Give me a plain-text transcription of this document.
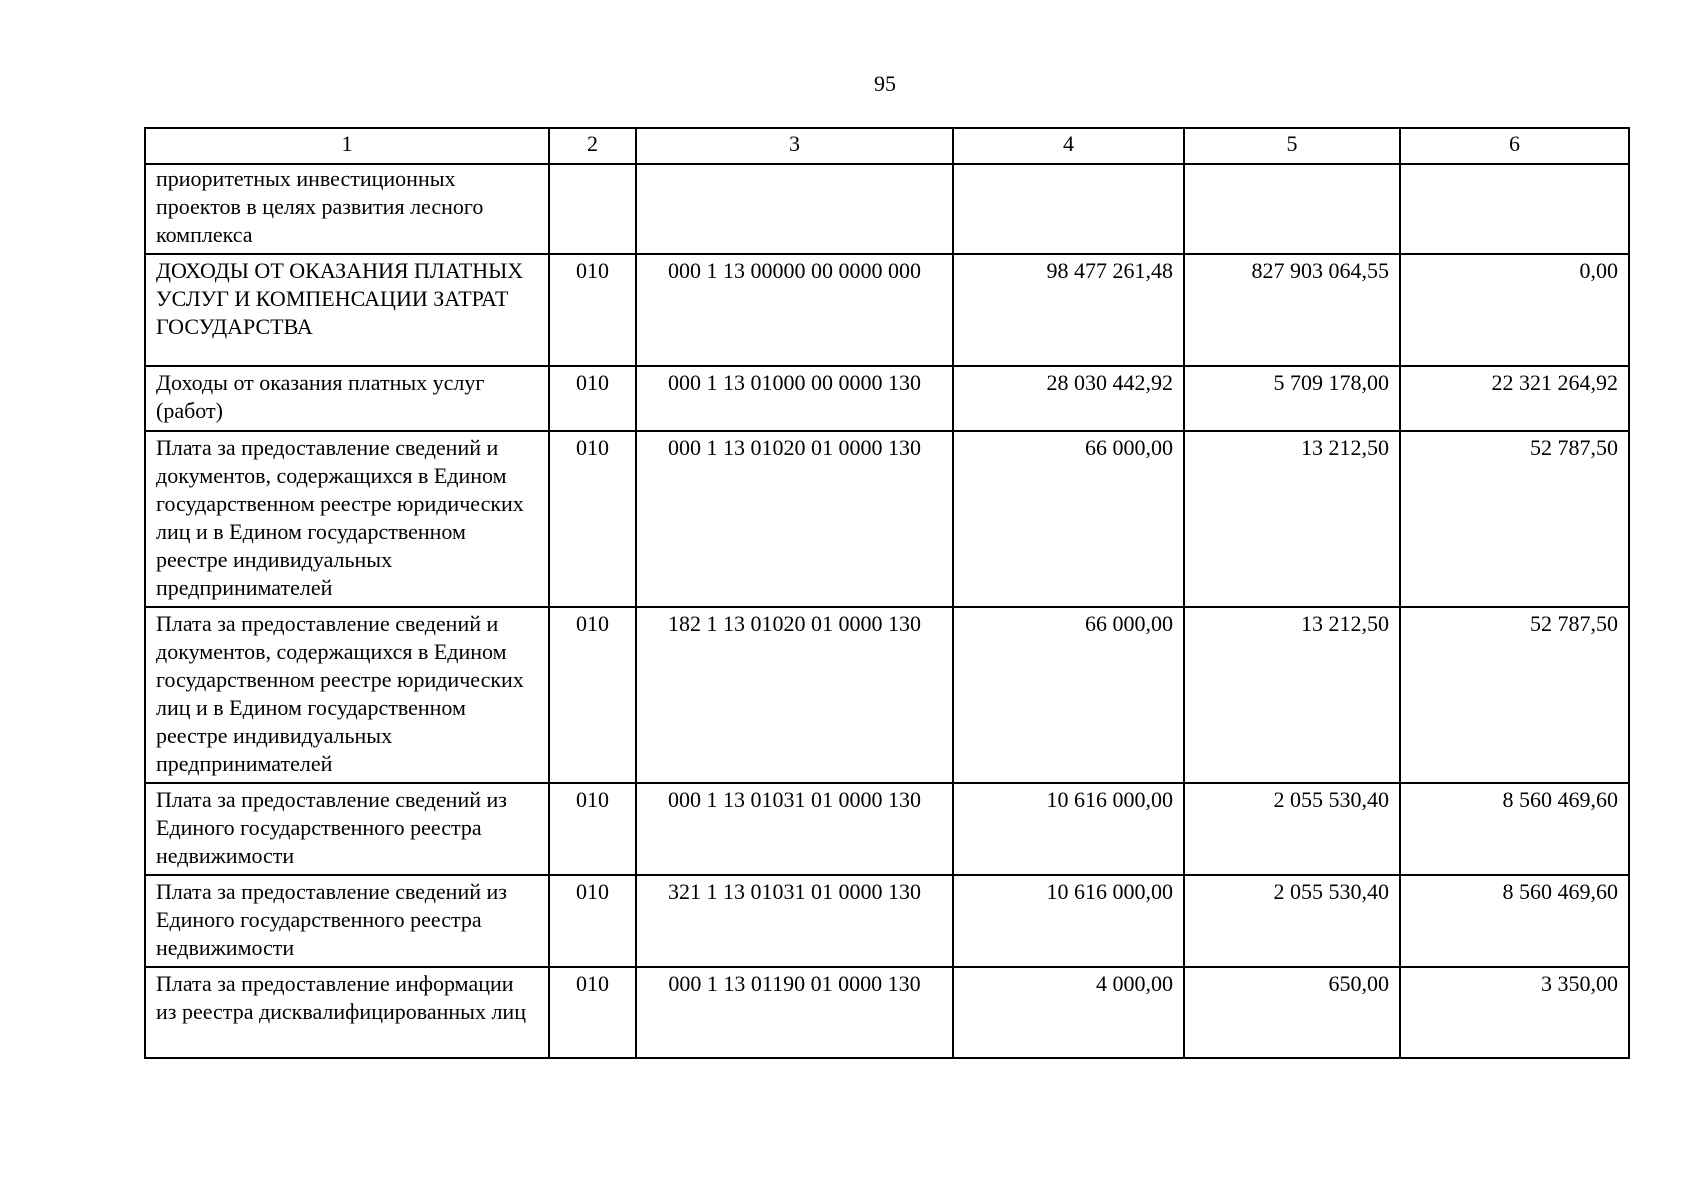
95
1	2	3	4	5	6
приоритетных инвестиционных проектов в целях развития лесного комплекса					
ДОХОДЫ ОТ ОКАЗАНИЯ ПЛАТНЫХ УСЛУГ И КОМПЕНСАЦИИ ЗАТРАТ ГОСУДАРСТВА	010	000 1 13 00000 00 0000 000	98 477 261,48	827 903 064,55	0,00
Доходы от оказания платных услуг (работ)	010	000 1 13 01000 00 0000 130	28 030 442,92	5 709 178,00	22 321 264,92
Плата за предоставление сведений и документов, содержащихся в Едином государственном реестре юридических лиц и в Едином государственном реестре индивидуальных предпринимателей	010	000 1 13 01020 01 0000 130	66 000,00	13 212,50	52 787,50
Плата за предоставление сведений и документов, содержащихся в Едином государственном реестре юридических лиц и в Едином государственном реестре индивидуальных предпринимателей	010	182 1 13 01020 01 0000 130	66 000,00	13 212,50	52 787,50
Плата за предоставление сведений из Единого государственного реестра недвижимости	010	000 1 13 01031 01 0000 130	10 616 000,00	2 055 530,40	8 560 469,60
Плата за предоставление сведений из Единого государственного реестра недвижимости	010	321 1 13 01031 01 0000 130	10 616 000,00	2 055 530,40	8 560 469,60
Плата за предоставление информации из реестра дисквалифицированных лиц	010	000 1 13 01190 01 0000 130	4 000,00	650,00	3 350,00
